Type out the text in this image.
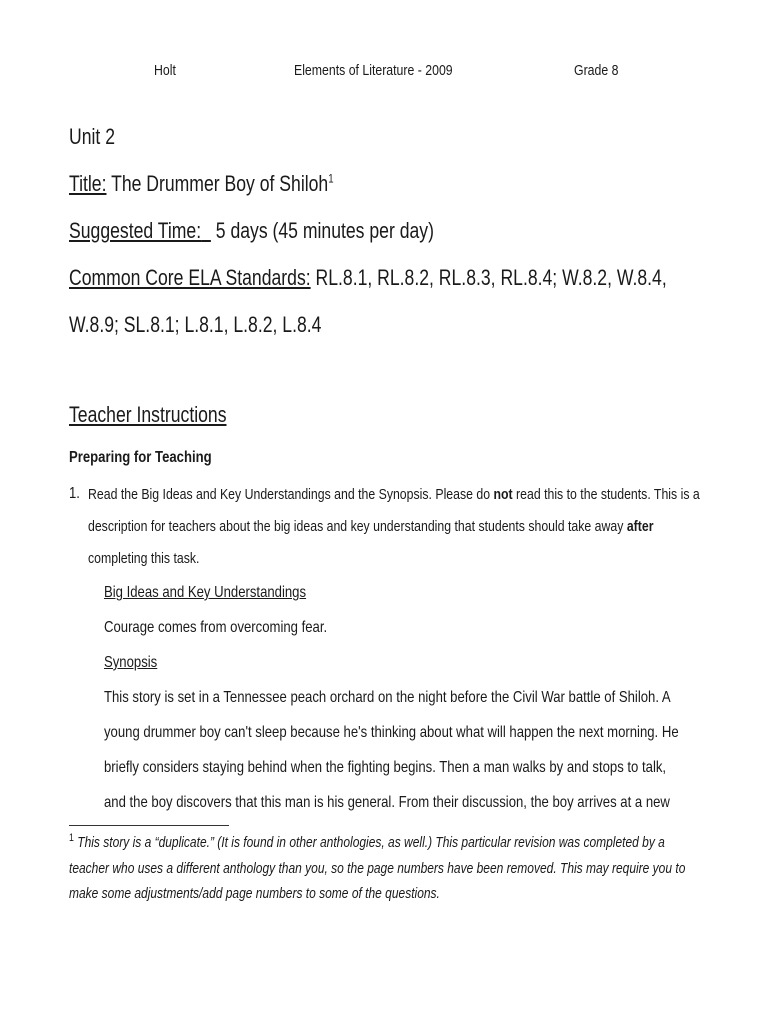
Holt	Elements of Literature - 2009	Grade 8
Unit 2
Title: The Drummer Boy of Shiloh$^1$
Suggested Time: 5 days (45 minutes per day)
Common Core ELA Standards: RL.8.1, RL.8.2, RL.8.3, RL.8.4; W.8.2, W.8.4,
W.8.9; SL.8.1; L.8.1, L.8.2, L.8.4
Teacher Instructions
Preparing for Teaching
1. Read the Big Ideas and Key Understandings and the Synopsis. Please do not read this to the students. This is a
description for teachers about the big ideas and key understanding that students should take away after
completing this task.
Big Ideas and Key Understandings
Courage comes from overcoming fear.
Synopsis
This story is set in a Tennessee peach orchard on the night before the Civil War battle of Shiloh. A
young drummer boy can't sleep because he's thinking about what will happen the next morning. He
briefly considers staying behind when the fighting begins. Then a man walks by and stops to talk,
and the boy discovers that this man is his general. From their discussion, the boy arrives at a new
$^1$ This story is a “duplicate.” (It is found in other anthologies, as well.) This particular revision was completed by a
teacher who uses a different anthology than you, so the page numbers have been removed. This may require you to
make some adjustments/add page numbers to some of the questions.
